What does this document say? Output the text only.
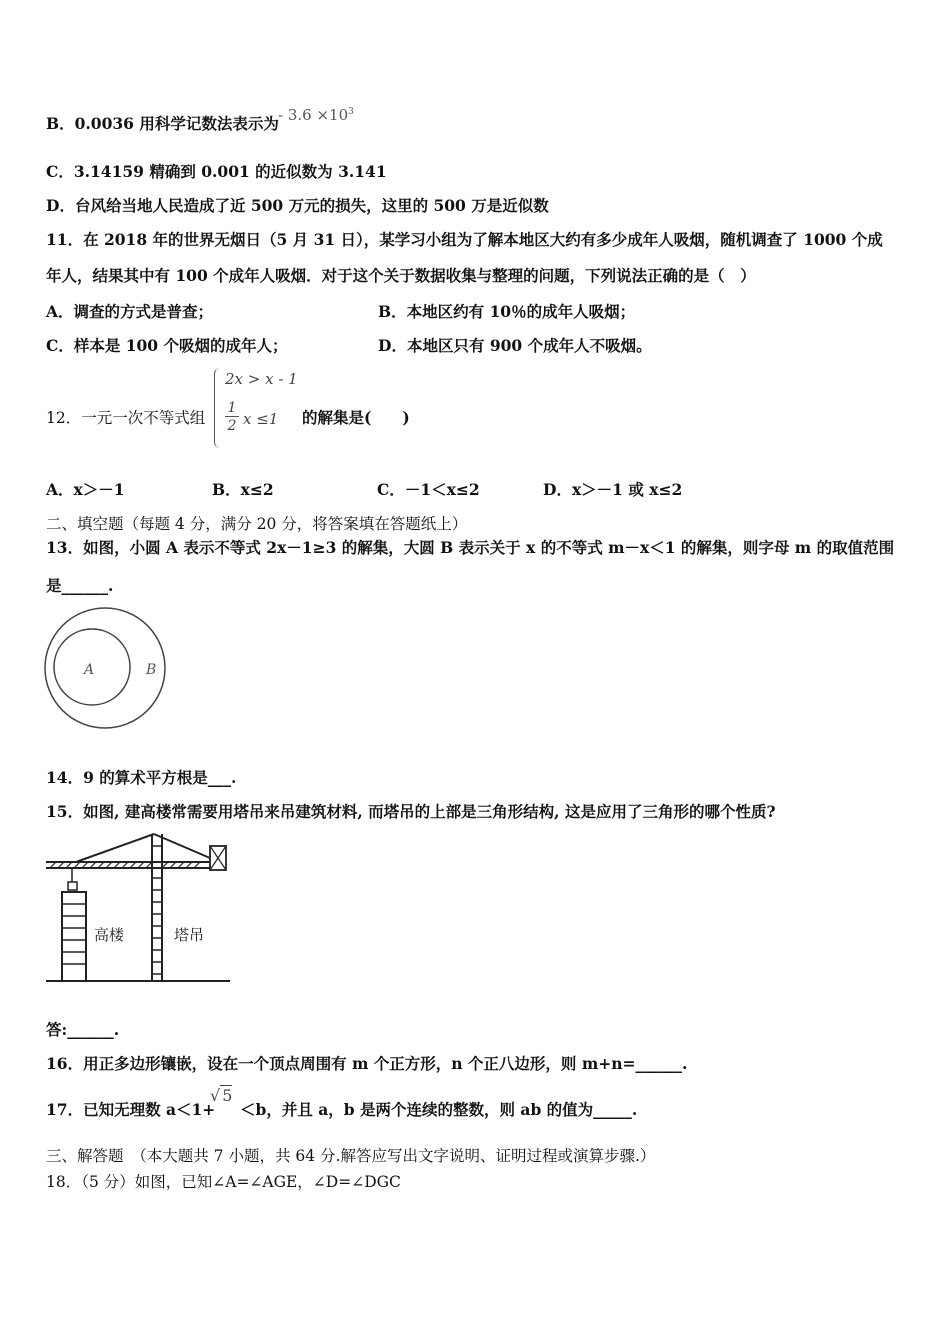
B．0.0036 用科学记数法表示为 - $3.6 \times 10^3$
C．3.14159 精确到 0.001 的近似数为 3.141
D．台风给当地人民造成了近 500 万元的损失，这里的 500 万是近似数
11．在 2018 年的世界无烟日（5 月 31 日），某学习小组为了解本地区大约有多少成年人吸烟，随机调查了 1000 个成
年人，结果其中有 100 个成年人吸烟．对于这个关于数据收集与整理的问题，下列说法正确的是（　）
A．调查的方式是普查；	B．本地区约有 10％的成年人吸烟；
C．样本是 100 个吸烟的成年人；	D．本地区只有 900 个成年人不吸烟。
12．一元一次不等式组
2x > x - 1
$\frac{1}{2}$ x ≤1 的解集是(　　)
A．x＞－1	B．x≤2	C．－1＜x≤2	D．x＞－1 或 x≤2
二、填空题（每题 4 分，满分 20 分，将答案填在答题纸上）
13．如图，小圆 A 表示不等式 2x－1≥3 的解集，大圆 B 表示关于 x 的不等式 m－x＜1 的解集，则字母 m 的取值范围
是______.
A	B
14．9 的算术平方根是___.
15．如图, 建高楼常需要用塔吊来吊建筑材料, 而塔吊的上部是三角形结构, 这是应用了三角形的哪个性质?
高楼	塔吊
答:______.
16．用正多边形镶嵌，设在一个顶点周围有 m 个正方形，n 个正八边形，则 m+n=______.
17．已知无理数 a＜1+
√ 5
＜b，并且 a，b 是两个连续的整数，则 ab 的值为_____.
三、解答题　（本大题共 7 小题，共 64 分.解答应写出文字说明、证明过程或演算步骤.）
18．（5 分）如图，已知∠A=∠AGE，∠D=∠DGC
